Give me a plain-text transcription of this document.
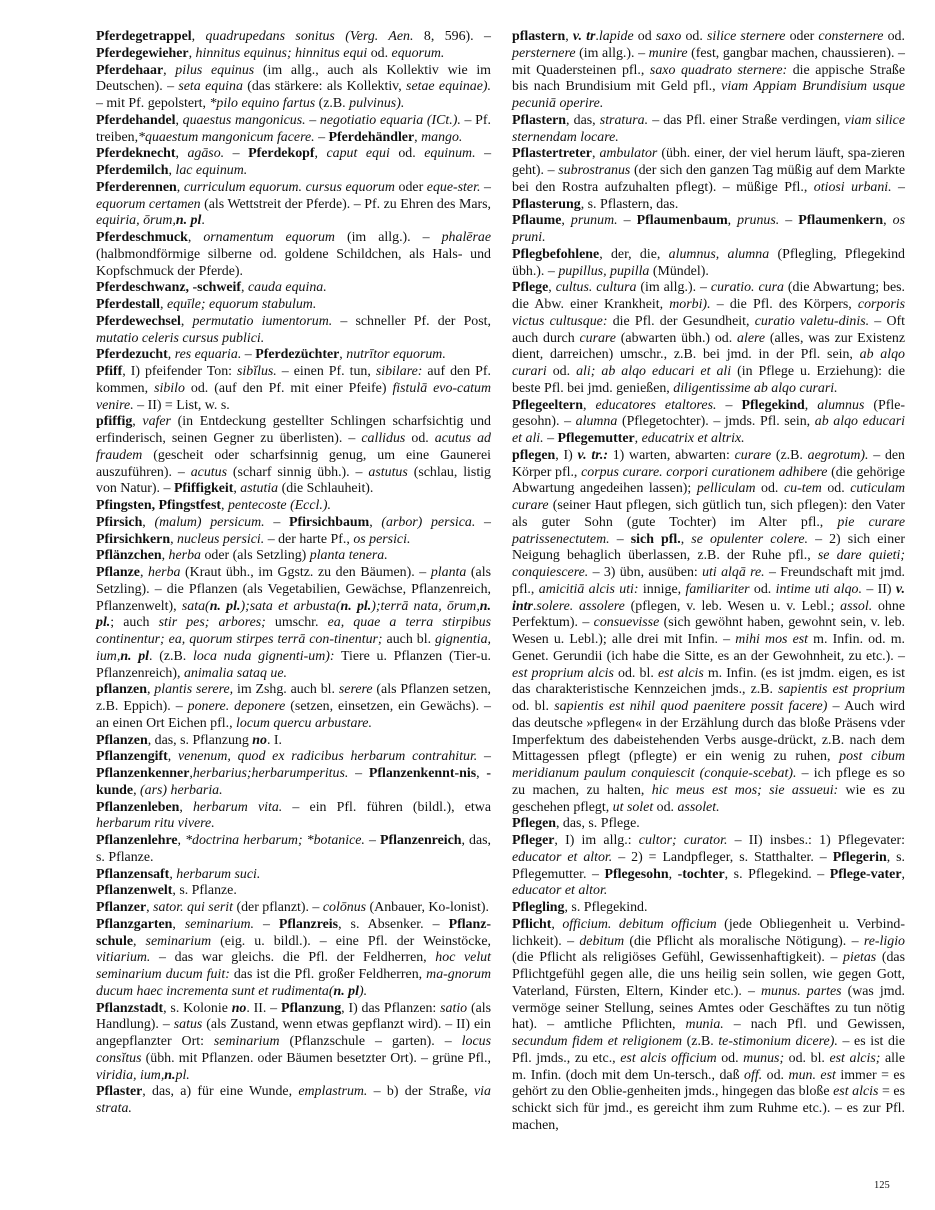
Pferdegetrappel, quadrupedans sonitus (Verg. Aen. 8, 596). – Pferdegewieher, hinnitus equinus; hinnitus equi od. equorum.

Pferdehaar, pilus equinus (im allg., auch als Kollektiv wie im Deutschen). – seta equina (das stärkere: als Kollektiv, setae equinae). – mit Pf. gepolstert, *pilo equino fartus (z.B. pulvinus).

Pferdehandel, quaestus mangonicus. – negotiatio equaria (ICt.). – Pf. treiben,*quaestum mangonicum facere. – Pferdehändler, mango.

Pferdeknecht, agāso. – Pferdekopf, caput equi od. equinum. – Pferdemilch, lac equinum.

Pferderennen, curriculum equorum. cursus equorum oder eque-ster. – equorum certamen (als Wettstreit der Pferde). – Pf. zu Ehren des Mars, equiria, ōrum,n. pl.

Pferdeschmuck, ornamentum equorum (im allg.). – phalērae (halbmondförmige silberne od. goldene Schildchen, als Hals- und Kopfschmuck der Pferde).

Pferdeschwanz, -schweif, cauda equina.

Pferdestall, equīle; equorum stabulum.

Pferdewechsel, permutatio iumentorum. – schneller Pf. der Post, mutatio celeris cursus publici.

Pferdezucht, res equaria. – Pferdezüchter, nutrītor equorum.

Pfiff, I) pfeifender Ton: sibĭlus. – einen Pf. tun, sibilare: auf den Pf. kommen, sibilo od. (auf den Pf. mit einer Pfeife) fistulā evo-catum venire. – II) = List, w. s.

pfiffig, vafer (in Entdeckung gestellter Schlingen scharfsichtig und erfinderisch, seinen Gegner zu überlisten). – callidus od. acutus ad fraudem (gescheit oder scharfsinnig genug, um eine Gaunerei auszuführen). – acutus (scharf sinnig übh.). – astutus (schlau, listig von Natur). – Pfiffigkeit, astutia (die Schlauheit).

Pfingsten, Pfingstfest, pentecoste (Eccl.).

Pfirsich, (malum) persicum. – Pfirsichbaum, (arbor) persica. – Pfirsichkern, nucleus persici. – der harte Pf., os persici.

Pflänzchen, herba oder (als Setzling) planta tenera.

Pflanze, herba (Kraut übh., im Ggstz. zu den Bäumen). – planta (als Setzling). – die Pflanzen (als Vegetabilien, Gewächse, Pflanzenreich, Pflanzenwelt), sata(n. pl.);sata et arbusta(n. pl.);terrā nata, ōrum,n. pl.; auch stir pes; arbores; umschr. ea, quae a terra stirpibus continentur; ea, quorum stirpes terrā con-tinentur; auch bl. gignentia, ium,n. pl. (z.B. loca nuda gignenti-um): Tiere u. Pflanzen (Tier-u. Pflanzenreich), animalia sataq ue.

pflanzen, plantis serere, im Zshg. auch bl. serere (als Pflanzen setzen, z.B. Eppich). – ponere. deponere (setzen, einsetzen, ein Gewächs). – an einen Ort Eichen pfl., locum quercu arbustare.

Pflanzen, das, s. Pflanzung no. I.

Pflanzengift, venenum, quod ex radicibus herbarum contrahitur. – Pflanzenkenner,herbarius;herbarumperitus. – Pflanzenkennt-nis, -kunde, (ars) herbaria.

Pflanzenleben, herbarum vita. – ein Pfl. führen (bildl.), etwa herbarum ritu vivere.

Pflanzenlehre, *doctrina herbarum; *botanice. – Pflanzenreich, das, s. Pflanze.

Pflanzensaft, herbarum suci.

Pflanzenwelt, s. Pflanze.

Pflanzer, sator. qui serit (der pflanzt). – colōnus (Anbauer, Ko-lonist).

Pflanzgarten, seminarium. – Pflanzreis, s. Absenker. – Pflanz-schule, seminarium (eig. u. bildl.). – eine Pfl. der Weinstöcke, vitiarium. – das war gleichs. die Pfl. der Feldherren, hoc velut seminarium ducum fuit: das ist die Pfl. großer Feldherren, ma-gnorum ducum haec incrementa sunt et rudimenta(n. pl).

Pflanzstadt, s. Kolonie no. II. – Pflanzung, I) das Pflanzen: satio (als Handlung). – satus (als Zustand, wenn etwas gepflanzt wird). – II) ein angepflanzter Ort: seminarium (Pflanzschule – garten). – locus consĭtus (übh. mit Pflanzen. oder Bäumen besetzter Ort). – grüne Pfl., viridia, ium,n.pl.

Pflaster, das, a) für eine Wunde, emplastrum. – b) der Straße, via strata.

pflastern, v. tr.lapide od saxo od. silice sternere oder consternere od. persternere (im allg.). – munire (fest, gangbar machen, chaussieren). – mit Quadersteinen pfl., saxo quadrato sternere: die appische Straße bis nach Brundisium mit Geld pfl., viam Appiam Brundisium usque pecuniā operire.

Pflastern, das, stratura. – das Pfl. einer Straße verdingen, viam silice sternendam locare.

Pflastertreter, ambulator (übh. einer, der viel herum läuft, spa-zieren geht). – subrostranus (der sich den ganzen Tag müßig auf dem Markte bei den Rostra aufzuhalten pflegt). – müßige Pfl., otiosi urbani. – Pflasterung, s. Pflastern, das.

Pflaume, prunum. – Pflaumenbaum, prunus. – Pflaumenkern, os pruni.

Pflegbefohlene, der, die, alumnus, alumna (Pflegling, Pflegekind übh.). – pupillus, pupilla (Mündel).

Pflege, cultus. cultura (im allg.). – curatio. cura (die Abwartung; bes. die Abw. einer Krankheit, morbi). – die Pfl. des Körpers, corporis victus cultusque: die Pfl. der Gesundheit, curatio valetu-dinis. – Oft auch durch curare (abwarten übh.) od. alere (alles, was zur Existenz dient, darreichen) umschr., z.B. bei jmd. in der Pfl. sein, ab alqo curari od. ali; ab alqo educari et ali (in Pflege u. Erziehung): die beste Pfl. bei jmd. genießen, diligentissime ab alqo curari.

Pflegeeltern, educatores etaltores. – Pflegekind, alumnus (Pfle-gesohn). – alumna (Pflegetochter). – jmds. Pfl. sein, ab alqo educari et ali. – Pflegemutter, educatrix et altrix.

pflegen, I) v. tr.: 1) warten, abwarten: curare (z.B. aegrotum). – den Körper pfl., corpus curare. corpori curationem adhibere (die gehörige Abwartung angedeihen lassen); pelliculam od. cu-tem od. cuticulam curare (seiner Haut pflegen, sich gütlich tun, sich pflegen): den Vater als guter Sohn (gute Tochter) im Alter pfl., pie curare patrissenectutem. – sich pfl., se opulenter colere. – 2) sich einer Neigung behaglich überlassen, z.B. der Ruhe pfl., se dare quieti; conquiescere. – 3) übn, ausüben: uti alqā re. – Freundschaft mit jmd. pfl., amicitiā alcis uti: innige, familiariter od. intime uti alqo. – II) v. intr.solere. assolere (pflegen, v. leb. Wesen u. v. Lebl.; assol. ohne Perfektum). – consuevisse (sich gewöhnt haben, gewohnt sein, v. leb. Wesen u. Lebl.); alle drei mit Infin. – mihi mos est m. Infin. od. m. Genet. Gerundii (ich habe die Sitte, es an der Gewohnheit, zu etc.). – est proprium alcis od. bl. est alcis m. Infin. (es ist jmdm. eigen, es ist das charakteristische Kennzeichen jmds., z.B. sapientis est proprium od. bl. sapientis est nihil quod paenitere possit facere) – Auch wird das deutsche »pflegen« in der Erzählung durch das bloße Präsens vder Imperfektum des dabeistehenden Verbs ausge-drückt, z.B. nach dem Mittagessen pflegt (pflegte) er ein wenig zu ruhen, post cibum meridianum paulum conquiescit (conquie-scebat). – ich pflege es so zu machen, zu halten, hic meus est mos; sie assueui: wie es zu geschehen pflegt, ut solet od. assolet.

Pflegen, das, s. Pflege.

Pfleger, I) im allg.: cultor; curator. – II) insbes.: 1) Pflegevater: educator et altor. – 2) = Landpfleger, s. Statthalter. – Pflegerin, s. Pflegemutter. – Pflegesohn, -tochter, s. Pflegekind. – Pflege-vater, educator et altor.

Pflegling, s. Pflegekind.

Pflicht, officium. debitum officium (jede Obliegenheit u. Verbind-lichkeit). – debitum (die Pflicht als moralische Nötigung). – re-ligio (die Pflicht als religiöses Gefühl, Gewissenhaftigkeit). – pietas (das Pflichtgefühl gegen alle, die uns heilig sein sollen, wie gegen Gott, Vaterland, Fürsten, Eltern, Kinder etc.). – munus. partes (was jmd. vermöge seiner Stellung, seines Amtes oder Geschäftes zu tun nötig hat). – amtliche Pflichten, munia. – nach Pfl. und Gewissen, secundum fidem et religionem (z.B. te-stimonium dicere). – es ist die Pfl. jmds., zu etc., est alcis officium od. munus; od. bl. est alcis; alle m. Infin. (doch mit dem Un-tersch., daß off. od. mun. est immer = es gehört zu den Oblie-genheiten jmds., hingegen das bloße est alcis = es schickt sich für jmd., es gereicht ihm zum Ruhme etc.). – es zur Pfl. machen,

125
